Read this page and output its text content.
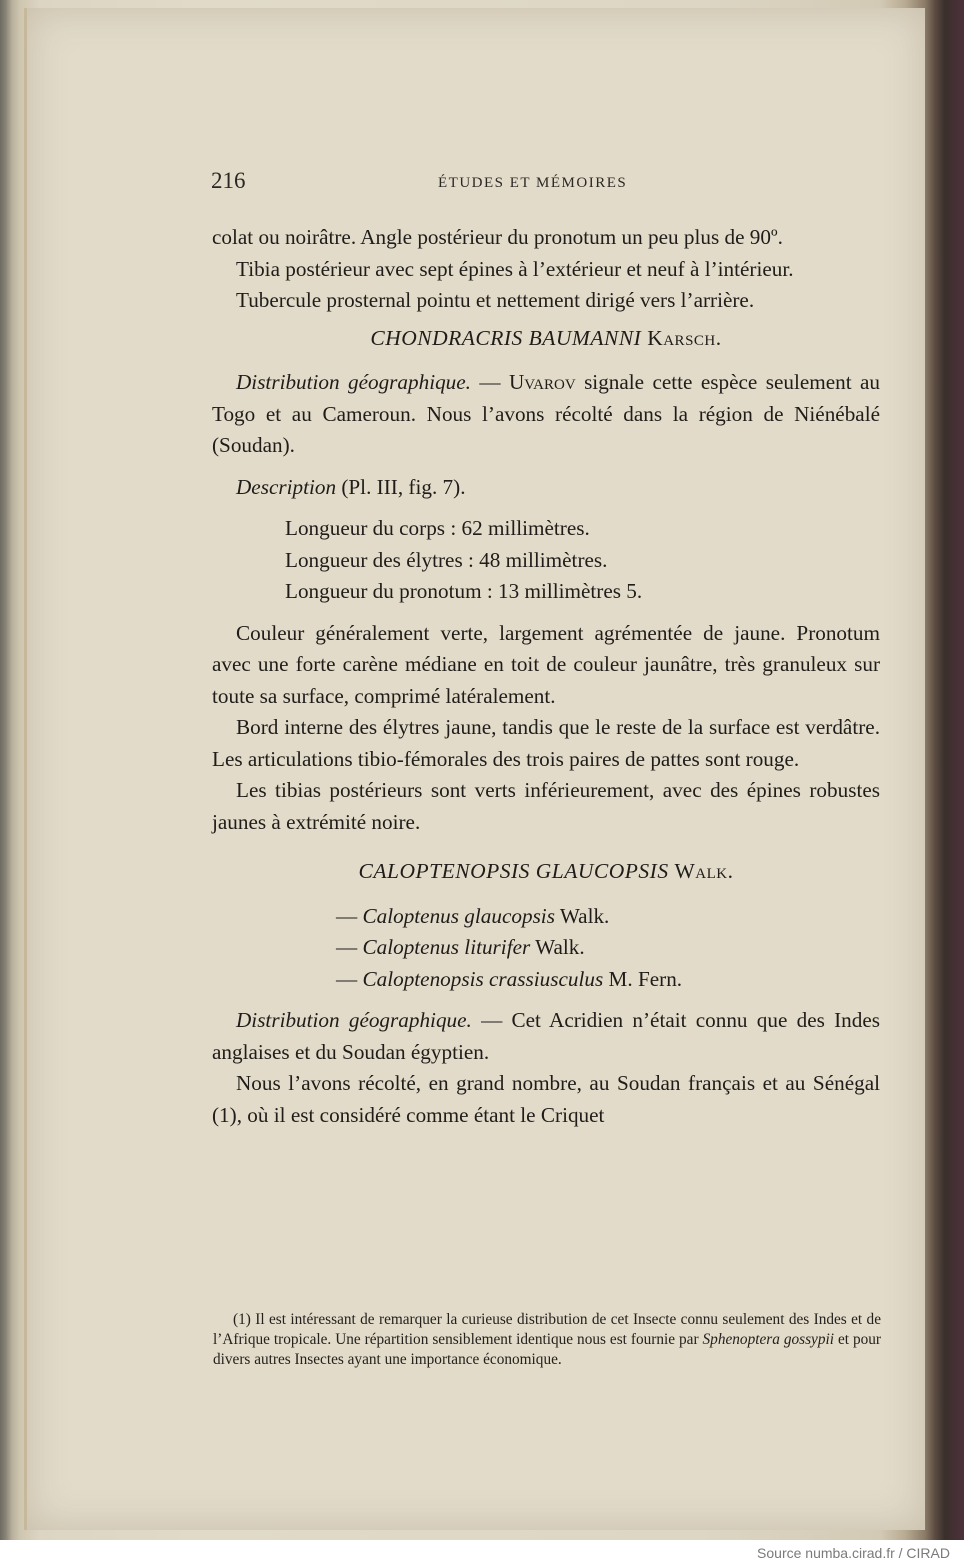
216	ÉTUDES ET MÉMOIRES

colat ou noirâtre. Angle postérieur du pronotum un peu plus de 90º.

Tibia postérieur avec sept épines à l’extérieur et neuf à l’intérieur.

Tubercule prosternal pointu et nettement dirigé vers l’arrière.

CHONDRACRIS BAUMANNI Karsch.

Distribution géographique. — Uvarov signale cette espèce seulement au Togo et au Cameroun. Nous l’avons récolté dans la région de Niénébalé (Soudan).

Description (Pl. III, fig. 7).

Longueur du corps : 62 millimètres.

Longueur des élytres : 48 millimètres.

Longueur du pronotum : 13 millimètres 5.

Couleur généralement verte, largement agrémentée de jaune. Pronotum avec une forte carène médiane en toit de couleur jaunâtre, très granuleux sur toute sa surface, comprimé latéralement.

Bord interne des élytres jaune, tandis que le reste de la surface est verdâtre. Les articulations tibio-fémorales des trois paires de pattes sont rouge.

Les tibias postérieurs sont verts inférieurement, avec des épines robustes jaunes à extrémité noire.

CALOPTENOPSIS GLAUCOPSIS Walk.

— Caloptenus glaucopsis Walk.

— Caloptenus liturifer Walk.

— Caloptenopsis crassiusculus M. Fern.

Distribution géographique. — Cet Acridien n’était connu que des Indes anglaises et du Soudan égyptien.

Nous l’avons récolté, en grand nombre, au Soudan français et au Sénégal (1), où il est considéré comme étant le Criquet

(1) Il est intéressant de remarquer la curieuse distribution de cet Insecte connu seulement des Indes et de l’Afrique tropicale. Une répartition sensiblement identique nous est fournie par Sphenoptera gossypii et pour divers autres Insectes ayant une importance économique.

Source numba.cirad.fr / CIRAD
